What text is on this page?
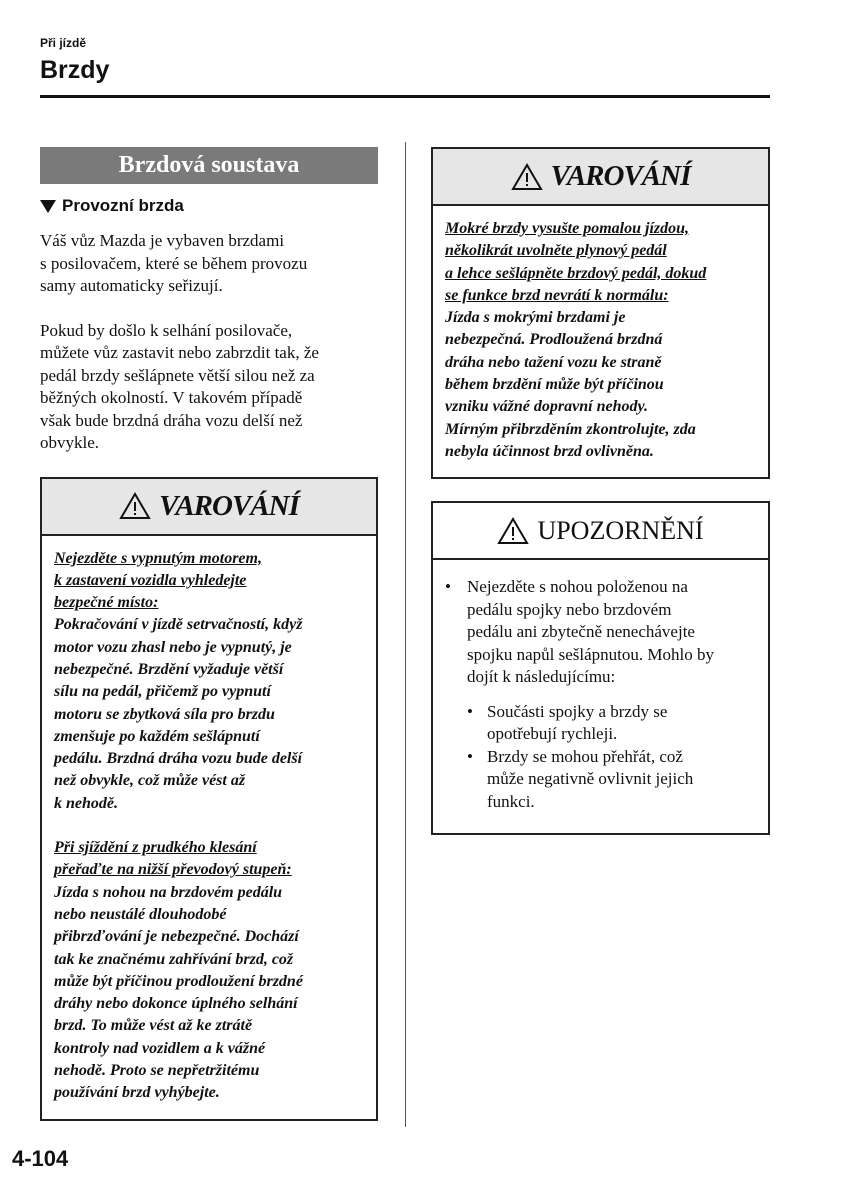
Při jízdě
Brzdy
Brzdová soustava
Provozní brzda

Váš vůz Mazda je vybaven brzdami
s posilovačem, které se během provozu
samy automaticky seřizují.

Pokud by došlo k selhání posilovače,
můžete vůz zastavit nebo zabrzdit tak, že
pedál brzdy sešlápnete větší silou než za
běžných okolností. V takovém případě
však bude brzdná dráha vozu delší než
obvykle.

VAROVÁNÍ

Nejezděte s vypnutým motorem,
k zastavení vozidla vyhledejte
bezpečné místo:
Pokračování v jízdě setrvačností, když
motor vozu zhasl nebo je vypnutý, je
nebezpečné. Brzdění vyžaduje větší
sílu na pedál, přičemž po vypnutí
motoru se zbytková síla pro brzdu
zmenšuje po každém sešlápnutí
pedálu. Brzdná dráha vozu bude delší
než obvykle, což může vést až
k nehodě.

Při sjíždění z prudkého klesání
přeřaďte na nižší převodový stupeň:
Jízda s nohou na brzdovém pedálu
nebo neustálé dlouhodobé
přibrzďování je nebezpečné. Dochází
tak ke značnému zahřívání brzd, což
může být příčinou prodloužení brzdné
dráhy nebo dokonce úplného selhání
brzd. To může vést až ke ztrátě
kontroly nad vozidlem a k vážné
nehodě. Proto se nepřetržitému
používání brzd vyhýbejte.

VAROVÁNÍ

Mokré brzdy vysušte pomalou jízdou,
několikrát uvolněte plynový pedál
a lehce sešlápněte brzdový pedál, dokud
se funkce brzd nevrátí k normálu:
Jízda s mokrými brzdami je
nebezpečná. Prodloužená brzdná
dráha nebo tažení vozu ke straně
během brzdění může být příčinou
vzniku vážné dopravní nehody.
Mírným přibrzděním zkontrolujte, zda
nebyla účinnost brzd ovlivněna.

UPOZORNĚNÍ
• Nejezděte s nohou položenou na
pedálu spojky nebo brzdovém
pedálu ani zbytečně nenechávejte
spojku napůl sešlápnutou. Mohlo by
dojít k následujícímu:
• Součásti spojky a brzdy se
opotřebují rychleji.
• Brzdy se mohou přehřát, což
může negativně ovlivnit jejich
funkci.
4-104
